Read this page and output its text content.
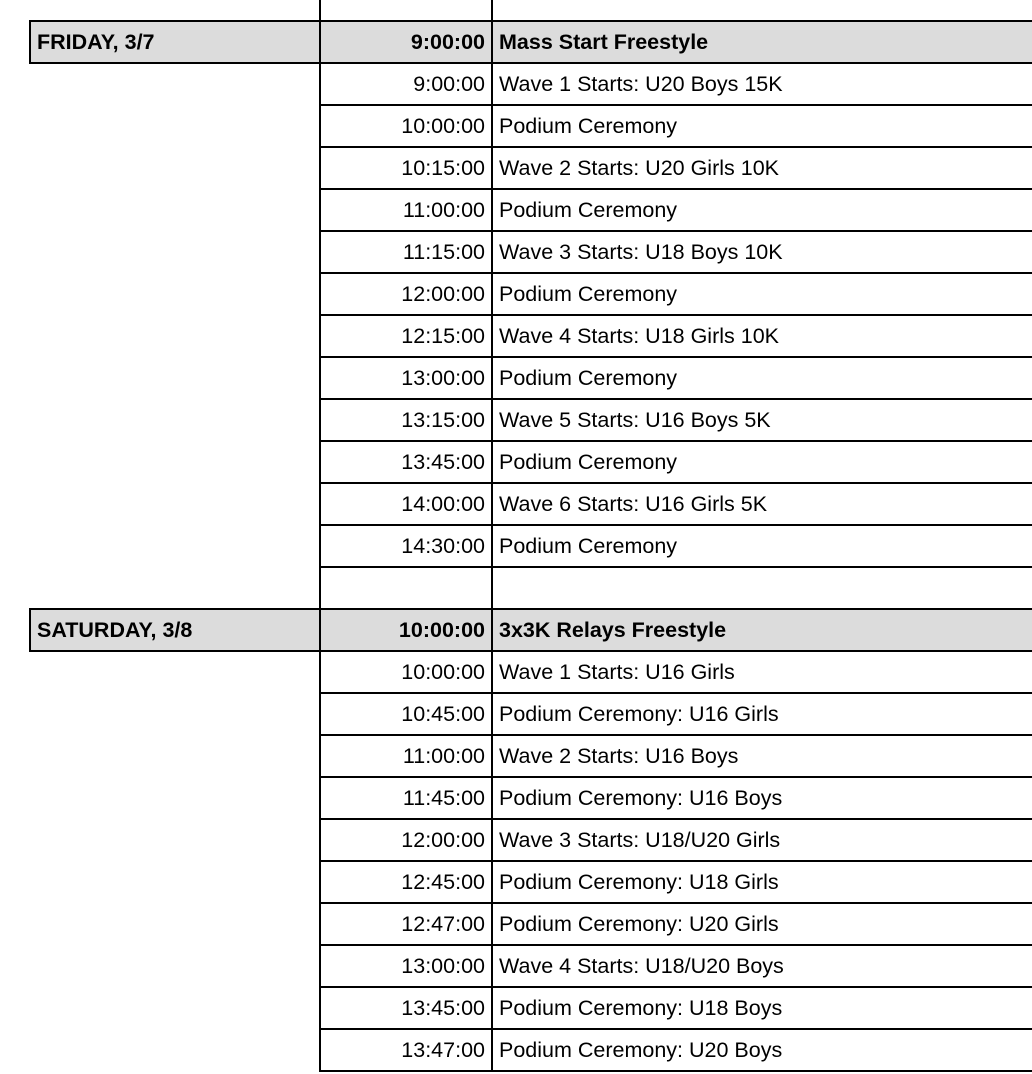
FRIDAY, 3/7	9:00:00	Mass Start Freestyle
	9:00:00	Wave 1 Starts: U20 Boys 15K
	10:00:00	Podium Ceremony
	10:15:00	Wave 2 Starts: U20 Girls 10K
	11:00:00	Podium Ceremony
	11:15:00	Wave 3 Starts: U18 Boys 10K
	12:00:00	Podium Ceremony
	12:15:00	Wave 4 Starts: U18 Girls 10K
	13:00:00	Podium Ceremony
	13:15:00	Wave 5 Starts: U16 Boys 5K
	13:45:00	Podium Ceremony
	14:00:00	Wave 6 Starts: U16 Girls 5K
	14:30:00	Podium Ceremony

SATURDAY, 3/8	10:00:00	3x3K Relays Freestyle
	10:00:00	Wave 1 Starts: U16 Girls
	10:45:00	Podium Ceremony: U16 Girls
	11:00:00	Wave 2 Starts: U16 Boys
	11:45:00	Podium Ceremony: U16 Boys
	12:00:00	Wave 3 Starts: U18/U20 Girls
	12:45:00	Podium Ceremony: U18 Girls
	12:47:00	Podium Ceremony: U20 Girls
	13:00:00	Wave 4 Starts: U18/U20 Boys
	13:45:00	Podium Ceremony: U18 Boys
	13:47:00	Podium Ceremony: U20 Boys
